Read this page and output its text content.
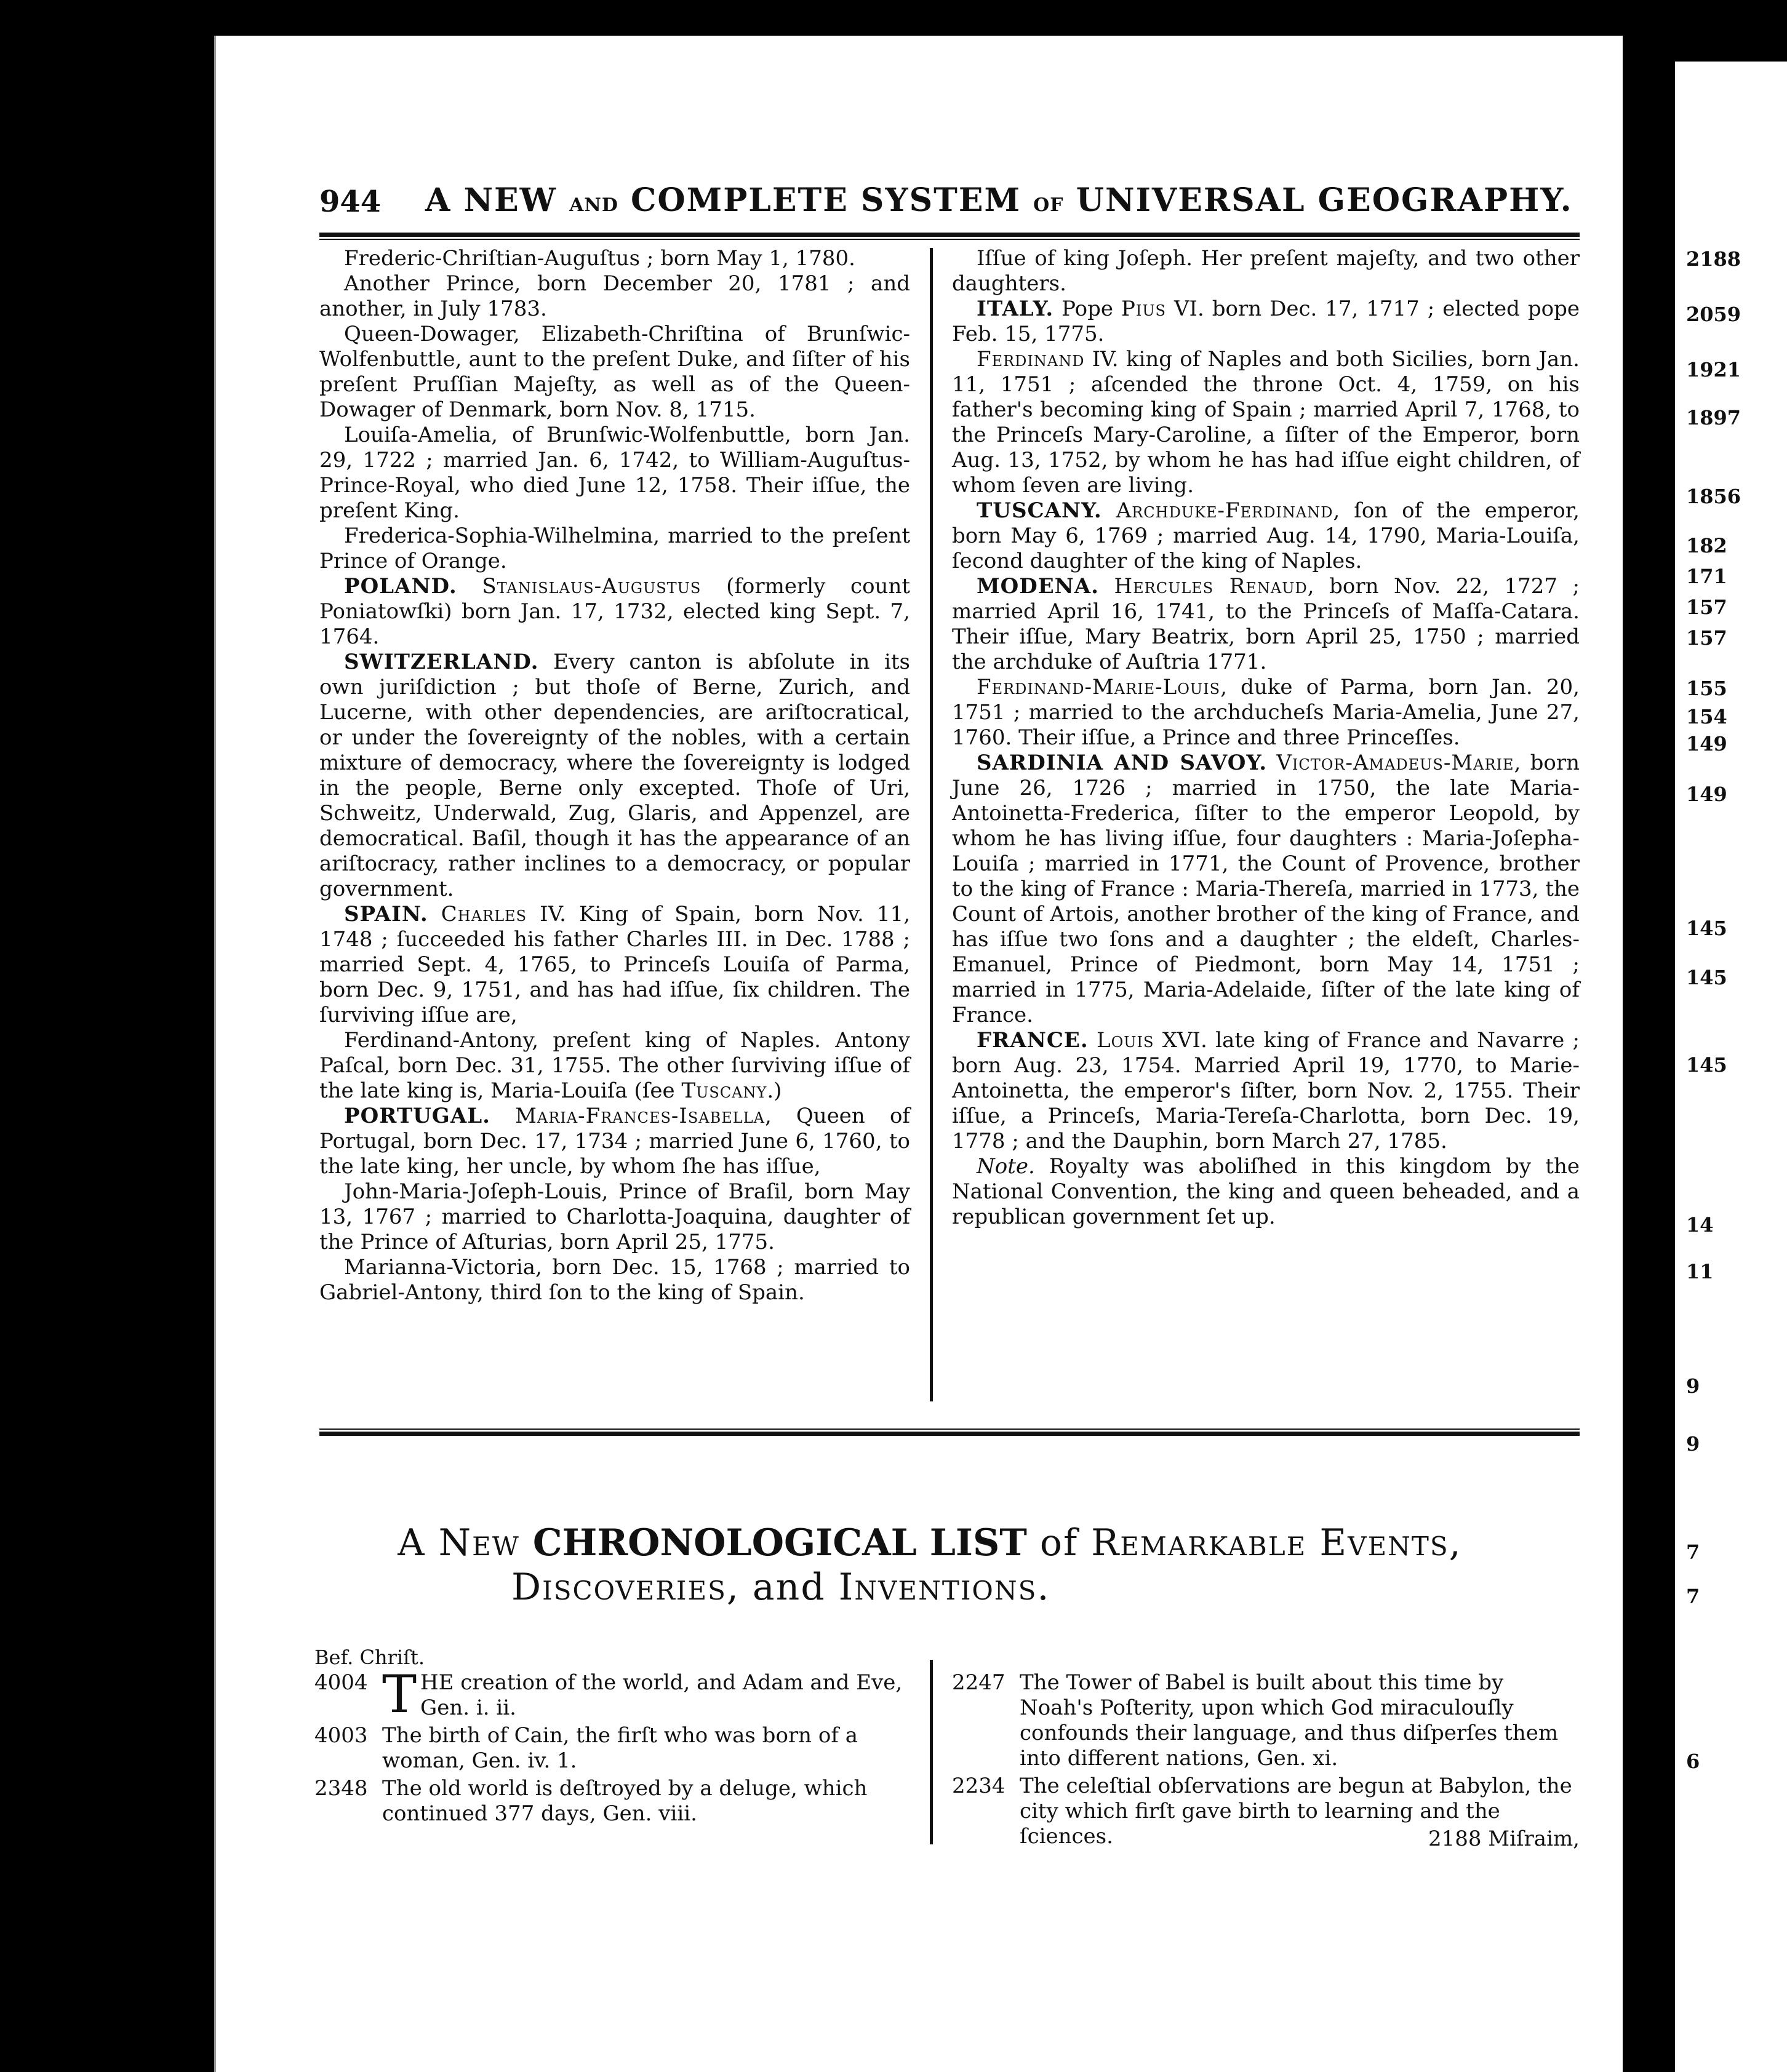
944	A NEW AND COMPLETE SYSTEM OF UNIVERSAL GEOGRAPHY.

Frederic-Chriſtian-Auguſtus ; born May 1, 1780.

Another Prince, born December 20, 1781 ; and another, in July 1783.

Queen-Dowager, Elizabeth-Chriſtina of Brunſwic-Wolfenbuttle, aunt to the preſent Duke, and ſiſter of his preſent Pruſſian Majeſty, as well as of the Queen-Dowager of Denmark, born Nov. 8, 1715.

Louiſa-Amelia, of Brunſwic-Wolfenbuttle, born Jan. 29, 1722 ; married Jan. 6, 1742, to William-Auguſtus-Prince-Royal, who died June 12, 1758. Their iſſue, the preſent King.

Frederica-Sophia-Wilhelmina, married to the preſent Prince of Orange.

POLAND. Stanislaus-Augustus (formerly count Poniatowſki) born Jan. 17, 1732, elected king Sept. 7, 1764.

SWITZERLAND. Every canton is abſolute in its own juriſdiction ; but thoſe of Berne, Zurich, and Lucerne, with other dependencies, are ariſtocratical, or under the ſovereignty of the nobles, with a certain mixture of democracy, where the ſovereignty is lodged in the people, Berne only excepted. Thoſe of Uri, Schweitz, Underwald, Zug, Glaris, and Appenzel, are democratical. Baſil, though it has the appearance of an ariſtocracy, rather inclines to a democracy, or popular government.

SPAIN. Charles IV. King of Spain, born Nov. 11, 1748 ; ſucceeded his father Charles III. in Dec. 1788 ; married Sept. 4, 1765, to Princeſs Louiſa of Parma, born Dec. 9, 1751, and has had iſſue, ſix children. The ſurviving iſſue are,

Ferdinand-Antony, preſent king of Naples. Antony Paſcal, born Dec. 31, 1755. The other ſurviving iſſue of the late king is, Maria-Louiſa (ſee Tuscany.)

PORTUGAL. Maria-Frances-Isabella, Queen of Portugal, born Dec. 17, 1734 ; married June 6, 1760, to the late king, her uncle, by whom ſhe has iſſue,

John-Maria-Joſeph-Louis, Prince of Braſil, born May 13, 1767 ; married to Charlotta-Joaquina, daughter of the Prince of Aſturias, born April 25, 1775.

Marianna-Victoria, born Dec. 15, 1768 ; married to Gabriel-Antony, third ſon to the king of Spain.

Iſſue of king Joſeph. Her preſent majeſty, and two other daughters.

ITALY. Pope Pius VI. born Dec. 17, 1717 ; elected pope Feb. 15, 1775.

Ferdinand IV. king of Naples and both Sicilies, born Jan. 11, 1751 ; aſcended the throne Oct. 4, 1759, on his father's becoming king of Spain ; married April 7, 1768, to the Princeſs Mary-Caroline, a ſiſter of the Emperor, born Aug. 13, 1752, by whom he has had iſſue eight children, of whom ſeven are living.

TUSCANY. Archduke-Ferdinand, ſon of the emperor, born May 6, 1769 ; married Aug. 14, 1790, Maria-Louiſa, ſecond daughter of the king of Naples.

MODENA. Hercules Renaud, born Nov. 22, 1727 ; married April 16, 1741, to the Princeſs of Maſſa-Catara. Their iſſue, Mary Beatrix, born April 25, 1750 ; married the archduke of Auſtria 1771.

Ferdinand-Marie-Louis, duke of Parma, born Jan. 20, 1751 ; married to the archducheſs Maria-Amelia, June 27, 1760. Their iſſue, a Prince and three Princeſſes.

SARDINIA AND SAVOY. Victor-Amadeus-Marie, born June 26, 1726 ; married in 1750, the late Maria-Antoinetta-Frederica, ſiſter to the emperor Leopold, by whom he has living iſſue, four daughters : Maria-Joſepha-Louiſa ; married in 1771, the Count of Provence, brother to the king of France : Maria-Thereſa, married in 1773, the Count of Artois, another brother of the king of France, and has iſſue two ſons and a daughter ; the eldeſt, Charles-Emanuel, Prince of Piedmont, born May 14, 1751 ; married in 1775, Maria-Adelaide, ſiſter of the late king of France.

FRANCE. Louis XVI. late king of France and Navarre ; born Aug. 23, 1754. Married April 19, 1770, to Marie-Antoinetta, the emperor's ſiſter, born Nov. 2, 1755. Their iſſue, a Princeſs, Maria-Tereſa-Charlotta, born Dec. 19, 1778 ; and the Dauphin, born March 27, 1785.

Note. Royalty was aboliſhed in this kingdom by the National Convention, the king and queen beheaded, and a republican government ſet up.

A New CHRONOLOGICAL LIST of Remarkable Events,
Discoveries, and Inventions.
Bef. Chriſt.
4004 THE creation of the world, and Adam and Eve, Gen. i. ii.
4003 The birth of Cain, the firſt who was born of a woman, Gen. iv. 1.
2348 The old world is deſtroyed by a deluge, which continued 377 days, Gen. viii.
2247 The Tower of Babel is built about this time by Noah's Poſterity, upon which God miraculouſly confounds their language, and thus diſperſes them into different nations, Gen. xi.
2234 The celeſtial obſervations are begun at Babylon, the city which firſt gave birth to learning and the ſciences.	2188 Miſraim,
2188
2059
1921
1897
1856
182
171
157
157
155
154
149
149
145
145
145
14
11
9
9
7
7
6
